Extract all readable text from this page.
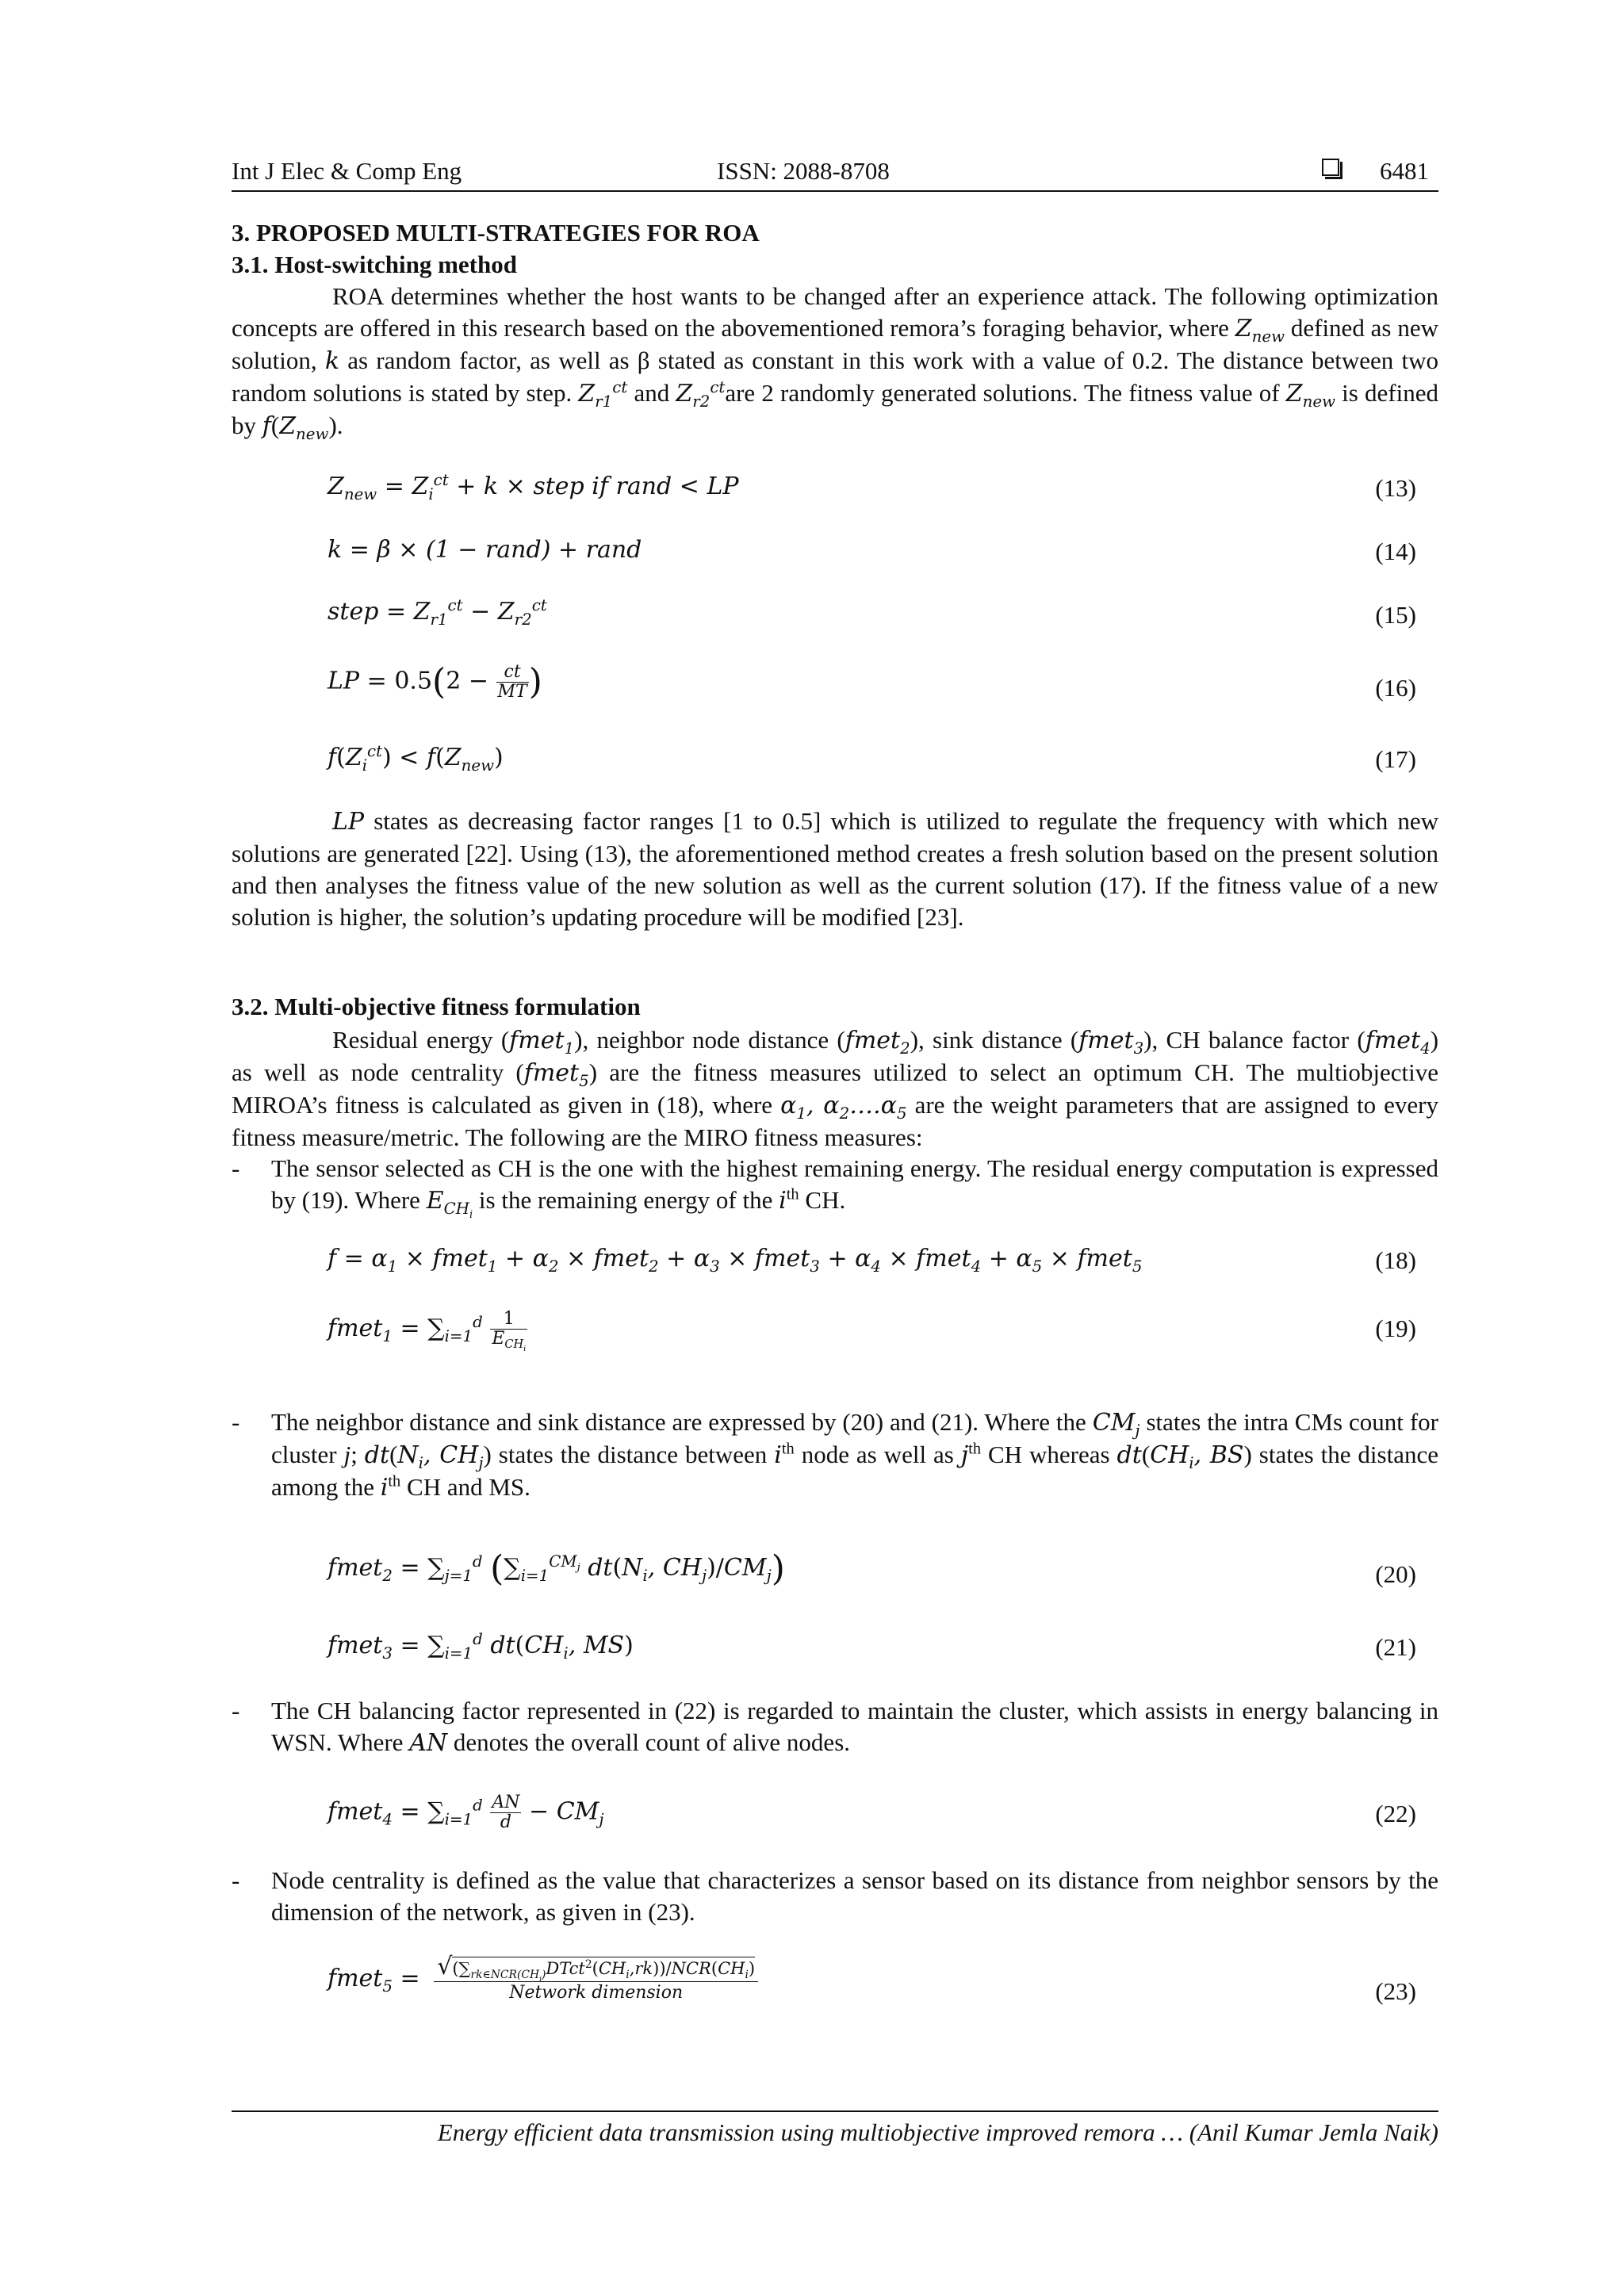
Int J Elec & Comp Eng	ISSN: 2088-8708	6481
3. PROPOSED MULTI-STRATEGIES FOR ROA
3.1. Host-switching method
ROA determines whether the host wants to be changed after an experience attack. The following optimization concepts are offered in this research based on the abovementioned remora’s foraging behavior, where $Z_{new}$ defined as new solution, k as random factor, as well as β stated as constant in this work with a value of 0.2. The distance between two random solutions is stated by step. $Z_{r1}^{ct}$ and $Z_{r2}^{ct}are$ 2 randomly generated solutions. The fitness value of $Z_{new}$ is defined by $f(Z_{new})$.
$Z_{new} = Z_i^{ct} + k$ × step if rand < LP	(13)
k = β × (1 − rand) + rand	(14)
step = $Z_{r1}^{ct} - Z_{r2}^{ct}$	(15)
LP = $0.5(2 - \frac{ct}{MT}$ )	(16)
$f(Z_i^{ct}) < f(Z_{new})$	(17)
LP states as decreasing factor ranges [1 to 0.5] which is utilized to regulate the frequency with which new solutions are generated [22]. Using (13), the aforementioned method creates a fresh solution based on the present solution and then analyses the fitness value of the new solution as well as the current solution (17). If the fitness value of a new solution is higher, the solution’s updating procedure will be modified [23].
3.2. Multi-objective fitness formulation
Residual energy (fmet$_1$), neighbor node distance (fmet$_2$), sink distance (fmet$_3$), CH balance factor (fmet$_4$) as well as node centrality (fmet$_5$) are the fitness measures utilized to select an optimum CH. The multiobjective MIROA’s fitness is calculated as given in (18), where $\alpha_1$, $\alpha_2\dots.\alpha_5$ are the weight parameters that are assigned to every fitness measure/metric. The following are the MIRO fitness measures:
- The sensor selected as CH is the one with the highest remaining energy. The residual energy computation is expressed by (19). Where $E_{CH_i}$ is the remaining energy of the $i^{th}$ CH.
$f = \alpha_1$ × fmet$_1$ + $\alpha_2$ × fmet$_2$ + $\alpha_3$ × fmet$_3$ + $\alpha_4$ × fmet$_4$ + $\alpha_5$ × fmet$_5$	(18)
fmet$_1$ = $\sum_{i=1}^d \frac{1}{E_{CH_i}}$	(19)
- The neighbor distance and sink distance are expressed by (20) and (21). Where the $CM_j$ states the intra CMs count for cluster j; $dt(N_i$, $CH_j$) states the distance between $i^{th}$ node as well as $j^{th}$ CH whereas $dt(CH_i$, BS) states the distance among the $i^{th}$ CH and MS.
fmet$_2$ = $\sum_{j=1}^d$ ($\sum_{i=1}^{CM_j}$ $dt(N_i$, $CH_j)/CM_j$)	(20)
fmet$_3$ = $\sum_{i=1}^d$ $dt(CH_i$, MS)	(21)
- The CH balancing factor represented in (22) is regarded to maintain the cluster, which assists in energy balancing in WSN. Where AN denotes the overall count of alive nodes.
fmet$_4$ = $\sum_{i=1}^d \frac{AN}{d} - CM_j$	(22)
- Node centrality is defined as the value that characterizes a sensor based on its distance from neighbor sensors by the dimension of the network, as given in (23).
fmet$_5$ = $√(\sum_{rk\in NCR(CH_i)}DTct^2(CH_i,rk))/NCR(CH_i)$
Network dimension	(23)
Energy efficient data transmission using multiobjective improved remora … (Anil Kumar Jemla Naik)
